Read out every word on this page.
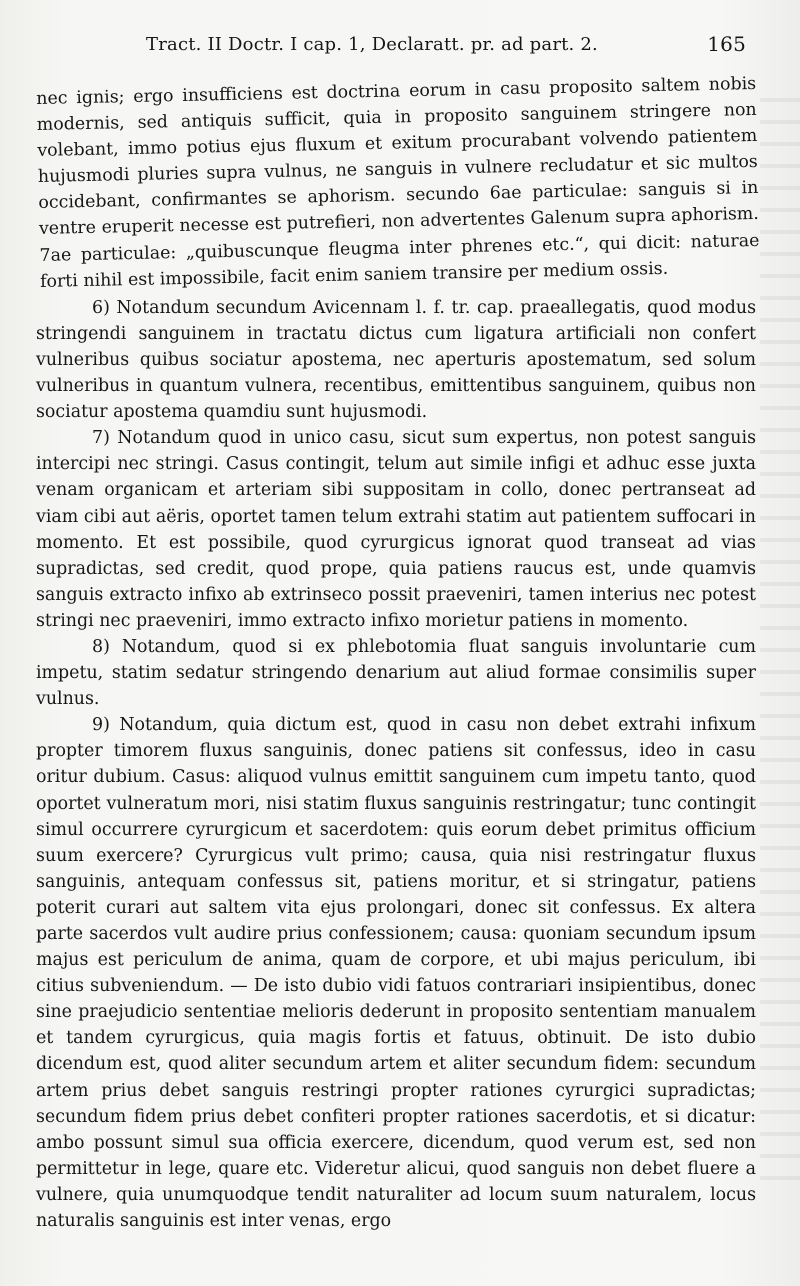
Tract. II Doctr. I cap. 1, Declaratt. pr. ad part. 2.	165

nec ignis; ergo insufficiens est doctrina eorum in casu proposito saltem nobis modernis, sed antiquis sufficit, quia in proposito sanguinem stringere non volebant, immo potius ejus fluxum et exitum procurabant volvendo patientem hujusmodi pluries supra vulnus, ne sanguis in vulnere recludatur et sic multos occidebant, confirmantes se aphorism. secundo 6ae particulae: sanguis si in ventre eruperit necesse est putrefieri, non advertentes Galenum supra aphorism. 7ae particulae: „quibuscunque fleugma inter phrenes etc.“, qui dicit: naturae forti nihil est impossibile, facit enim saniem transire per medium ossis.

6) Notandum secundum Avicennam l. f. tr. cap. praeallegatis, quod modus stringendi sanguinem in tractatu dictus cum ligatura artificiali non confert vulneribus quibus sociatur apostema, nec aperturis apostematum, sed solum vulneribus in quantum vulnera, recentibus, emittentibus sanguinem, quibus non sociatur apostema quamdiu sunt hujusmodi.

7) Notandum quod in unico casu, sicut sum expertus, non potest sanguis intercipi nec stringi. Casus contingit, telum aut simile infigi et adhuc esse juxta venam organicam et arteriam sibi suppositam in collo, donec pertranseat ad viam cibi aut aëris, oportet tamen telum extrahi statim aut patientem suffocari in momento. Et est possibile, quod cyrurgicus ignorat quod transeat ad vias supradictas, sed credit, quod prope, quia patiens raucus est, unde quamvis sanguis extracto infixo ab extrinseco possit praeveniri, tamen interius nec potest stringi nec praeveniri, immo extracto infixo morietur patiens in momento.

8) Notandum, quod si ex phlebotomia fluat sanguis involuntarie cum impetu, statim sedatur stringendo denarium aut aliud formae consimilis super vulnus.

9) Notandum, quia dictum est, quod in casu non debet extrahi infixum propter timorem fluxus sanguinis, donec patiens sit confessus, ideo in casu oritur dubium. Casus: aliquod vulnus emittit sanguinem cum impetu tanto, quod oportet vulneratum mori, nisi statim fluxus sanguinis restringatur; tunc contingit simul occurrere cyrurgicum et sacerdotem: quis eorum debet primitus officium suum exercere? Cyrurgicus vult primo; causa, quia nisi restringatur fluxus sanguinis, antequam confessus sit, patiens moritur, et si stringatur, patiens poterit curari aut saltem vita ejus prolongari, donec sit confessus. Ex altera parte sacerdos vult audire prius confessionem; causa: quoniam secundum ipsum majus est periculum de anima, quam de corpore, et ubi majus periculum, ibi citius subveniendum. — De isto dubio vidi fatuos contrariari insipientibus, donec sine praejudicio sententiae melioris dederunt in proposito sententiam manualem et tandem cyrurgicus, quia magis fortis et fatuus, obtinuit. De isto dubio dicendum est, quod aliter secundum artem et aliter secundum fidem: secundum artem prius debet sanguis restringi propter rationes cyrurgici supradictas; secundum fidem prius debet confiteri propter rationes sacerdotis, et si dicatur: ambo possunt simul sua officia exercere, dicendum, quod verum est, sed non permittetur in lege, quare etc. Videretur alicui, quod sanguis non debet fluere a vulnere, quia unumquodque tendit naturaliter ad locum suum naturalem, locus naturalis sanguinis est inter venas, ergo
